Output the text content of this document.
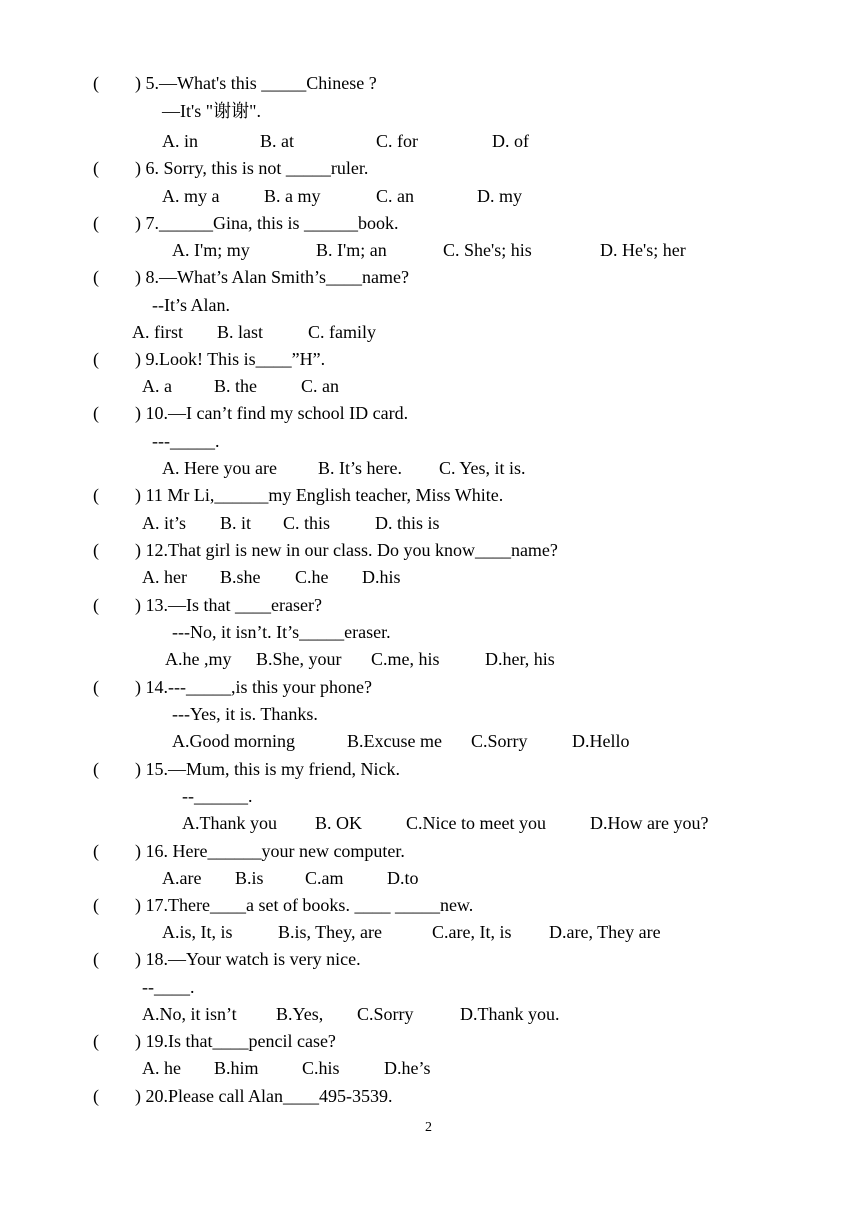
(        ) 5.—What's this _____Chinese ?
—It's "谢谢".
A. in	B. at	C. for	D. of
(        ) 6. Sorry, this is not _____ruler.
A. my a B. a my	C. an	D. my
(        ) 7.______Gina, this is ______book.
A. I'm; my	B. I'm; an	C. She's; his	D. He's; her
(        ) 8.—What’s Alan Smith’s____name?
--It’s Alan.
A. first B. last C. family
(        ) 9.Look! This is____”H”.
A. a B. the C. an
(        ) 10.—I can’t find my school ID card.
---_____.
A. Here you are B. It’s here. C. Yes, it is.
(        ) 11 Mr Li,______my English teacher, Miss White.
A. it’s B. it C. this D. this is
(        ) 12.That girl is new in our class. Do you know____name?
A. her B.she C.he D.his
(        ) 13.—Is that ____eraser?
---No, it isn’t. It’s_____eraser.
A.he ,my B.She, your C.me, his	D.her, his
(        ) 14.---_____,is this your phone?
---Yes, it is. Thanks.
A.Good morning	B.Excuse me C.Sorry D.Hello
(        ) 15.—Mum, this is my friend, Nick.
--______.
A.Thank you B. OK C.Nice to meet you D.How are you?
(        ) 16. Here______your new computer.
A.are B.is C.am D.to
(        ) 17.There____a set of books. ____ _____new.
A.is, It, is	B.is, They, are	C.are, It, is D.are, They are
(        ) 18.—Your watch is very nice.
--____.
A.No, it isn’t B.Yes, C.Sorry	D.Thank you.
(        ) 19.Is that____pencil case?
A. he B.him C.his D.he’s
(        ) 20.Please call Alan____495-3539.
2
